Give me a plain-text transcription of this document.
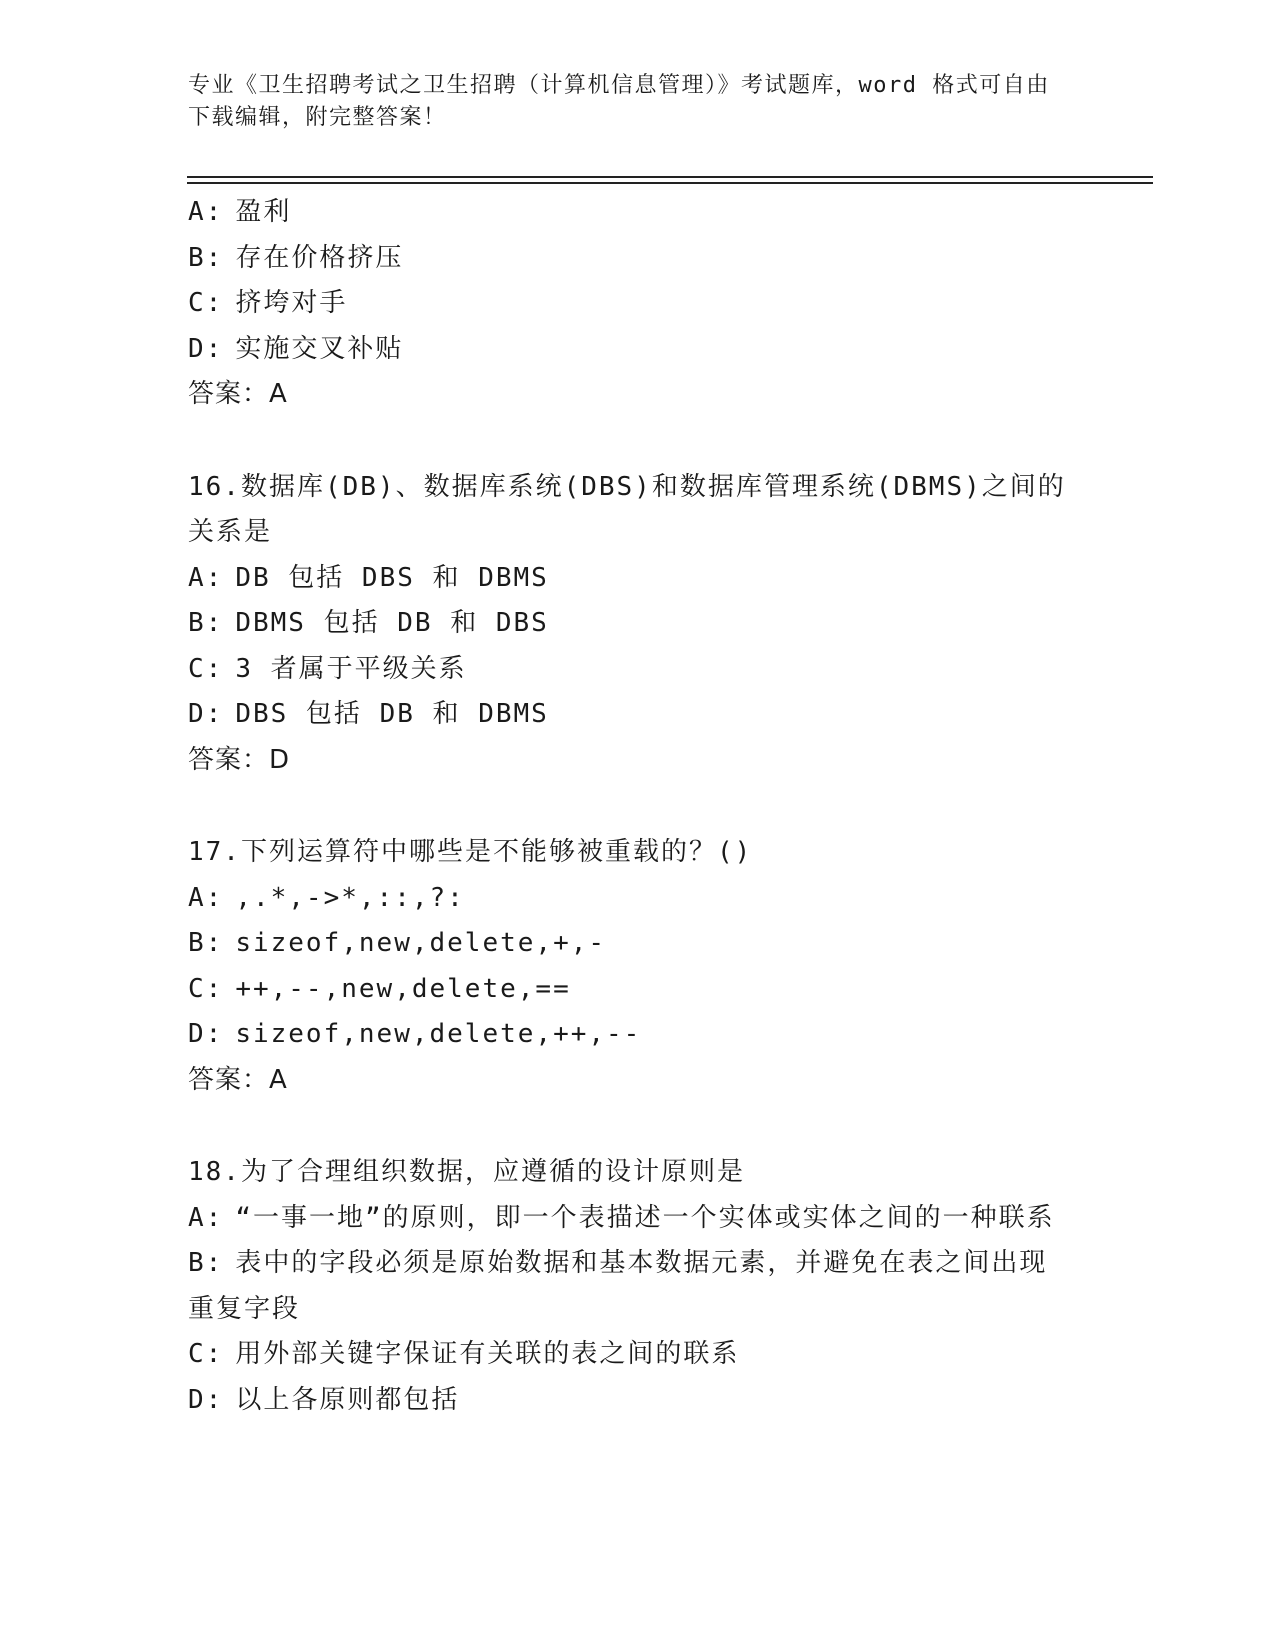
专业《卫生招聘考试之卫生招聘（计算机信息管理）》考试题库，word 格式可自由下载编辑，附完整答案！
A: 盈利
B: 存在价格挤压
C: 挤垮对手
D: 实施交叉补贴
答案：A
16.数据库(DB)、数据库系统(DBS)和数据库管理系统(DBMS)之间的关系是
A: DB 包括 DBS 和 DBMS
B: DBMS 包括 DB 和 DBS
C: 3 者属于平级关系
D: DBS 包括 DB 和 DBMS
答案：D
17.下列运算符中哪些是不能够被重载的？()
A: ,.*,->*,::,?:
B: sizeof,new,delete,+,-
C: ++,--,new,delete,==
D: sizeof,new,delete,++,--
答案：A
18.为了合理组织数据，应遵循的设计原则是
A: “一事一地”的原则，即一个表描述一个实体或实体之间的一种联系
B: 表中的字段必须是原始数据和基本数据元素，并避免在表之间出现重复字段
C: 用外部关键字保证有关联的表之间的联系
D: 以上各原则都包括
